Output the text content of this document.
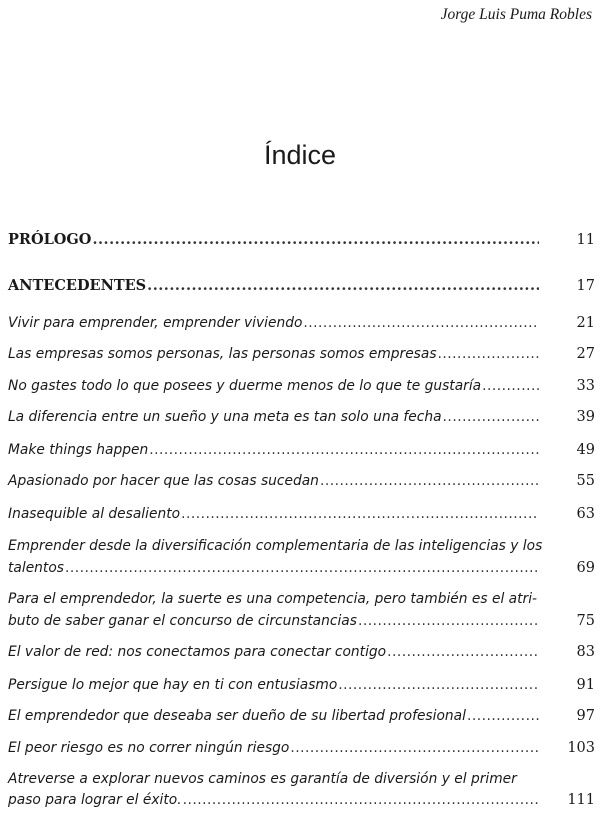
Jorge Luis Puma Robles
Índice
PRÓLOGO .....	11
ANTECEDENTES .....	17
Vivir para emprender, emprender viviendo .....	21
Las empresas somos personas, las personas somos empresas .....	27
No gastes todo lo que posees y duerme menos de lo que te gustaría .....	33
La diferencia entre un sueño y una meta es tan solo una fecha .....	39
Make things happen .....	49
Apasionado por hacer que las cosas sucedan .....	55
Inasequible al desaliento .....	63
Emprender desde la diversificación complementaria de las inteligencias y los
talentos .....	69
Para el emprendedor, la suerte es una competencia, pero también es el atri-
buto de saber ganar el concurso de circunstancias .....	75
El valor de red: nos conectamos para conectar contigo .....	83
Persigue lo mejor que hay en ti con entusiasmo .....	91
El emprendedor que deseaba ser dueño de su libertad profesional .....	97
El peor riesgo es no correr ningún riesgo .....	103
Atreverse a explorar nuevos caminos es garantía de diversión y el primer
paso para lograr el éxito. .....	111
